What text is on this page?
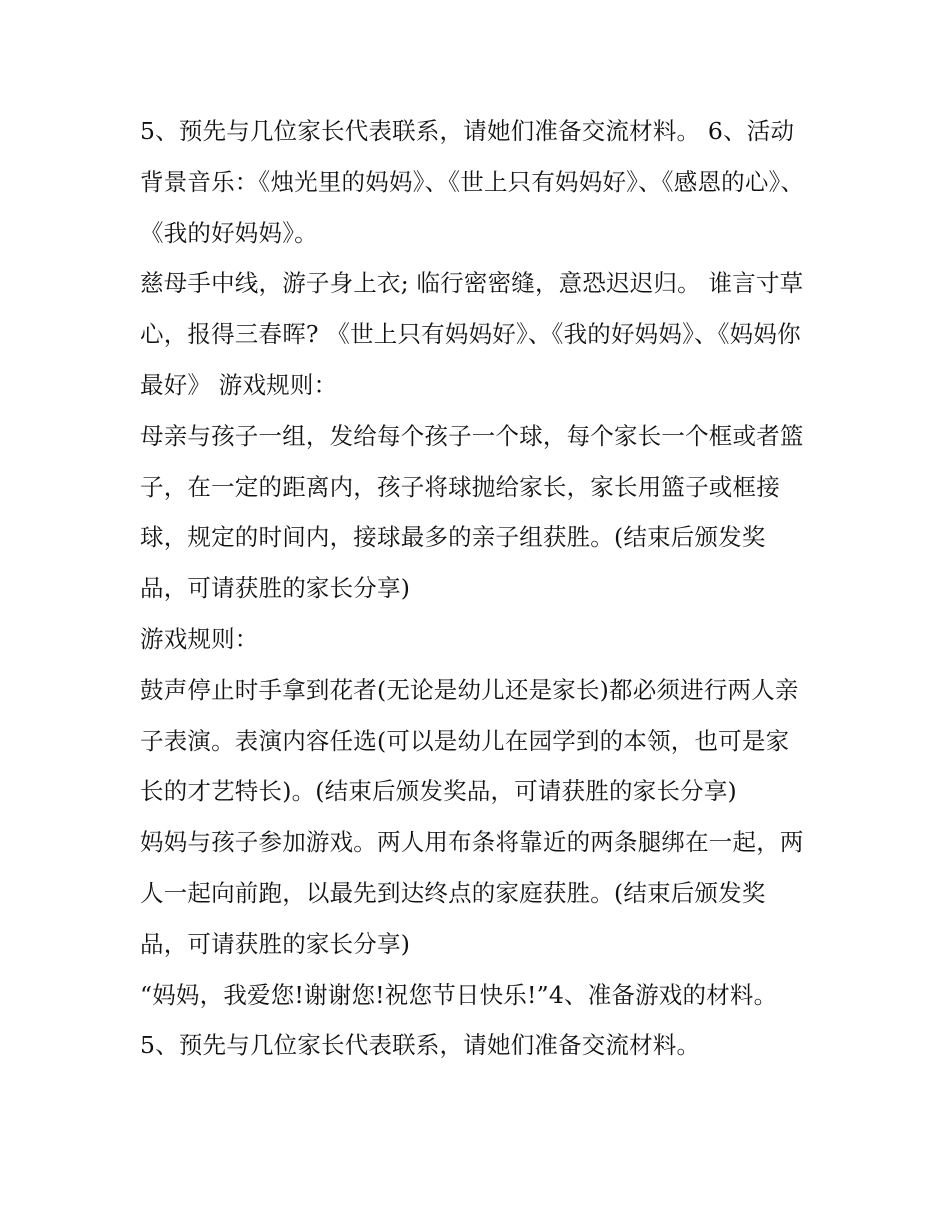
5、预先与几位家长代表联系，请她们准备交流材料。 6、活动背景音乐：《烛光里的妈妈》、《世上只有妈妈好》、《感恩的心》、《我的好妈妈》。

慈母手中线，游子身上衣; 临行密密缝，意恐迟迟归。 谁言寸草心，报得三春晖? 《世上只有妈妈好》、《我的好妈妈》、《妈妈你最好》 游戏规则：

母亲与孩子一组，发给每个孩子一个球，每个家长一个框或者篮子，在一定的距离内，孩子将球抛给家长，家长用篮子或框接球，规定的时间内，接球最多的亲子组获胜。(结束后颁发奖品，可请获胜的家长分享)

游戏规则：

鼓声停止时手拿到花者(无论是幼儿还是家长)都必须进行两人亲子表演。表演内容任选(可以是幼儿在园学到的本领，也可是家长的才艺特长)。(结束后颁发奖品，可请获胜的家长分享)

妈妈与孩子参加游戏。两人用布条将靠近的两条腿绑在一起，两人一起向前跑，以最先到达终点的家庭获胜。(结束后颁发奖品，可请获胜的家长分享)

“妈妈，我爱您!谢谢您!祝您节日快乐!”4、准备游戏的材料。

5、预先与几位家长代表联系，请她们准备交流材料。
